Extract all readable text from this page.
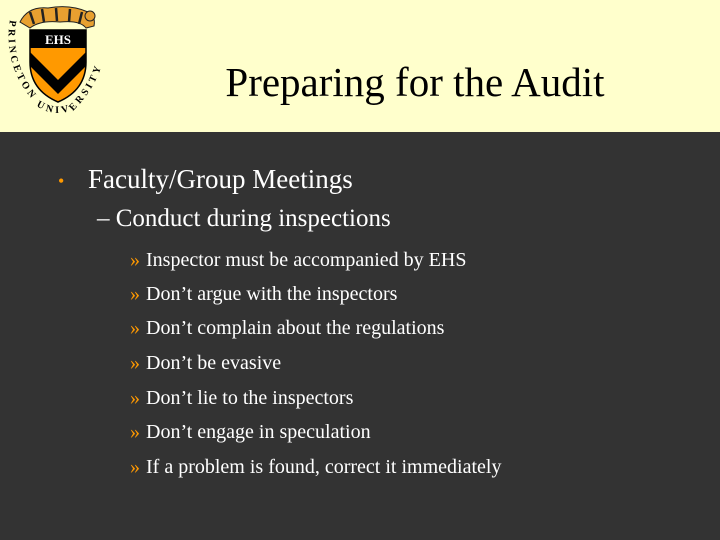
EHS
PRINCETON UNIVERSITY	Preparing for the Audit
• Faculty/Group Meetings
– Conduct during inspections
» Inspector must be accompanied by EHS
» Don’t argue with the inspectors
» Don’t complain about the regulations
» Don’t be evasive
» Don’t lie to the inspectors
» Don’t engage in speculation
» If a problem is found, correct it immediately
